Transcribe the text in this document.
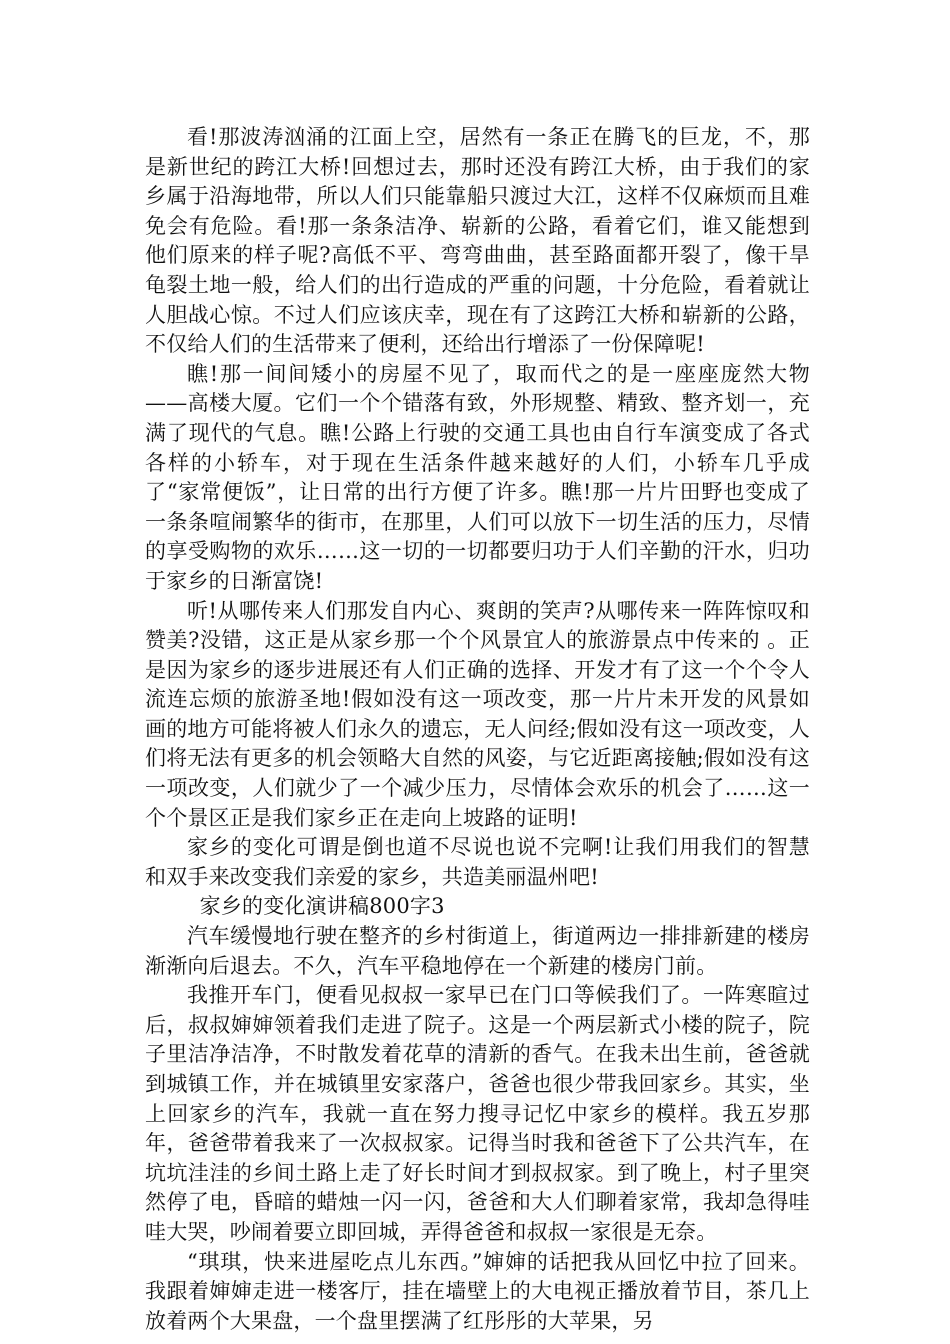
看!那波涛汹涌的江面上空，居然有一条正在腾飞的巨龙，不，那是新世纪的跨江大桥!回想过去，那时还没有跨江大桥，由于我们的家乡属于沿海地带，所以人们只能靠船只渡过大江，这样不仅麻烦而且难免会有危险。看!那一条条洁净、崭新的公路，看着它们，谁又能想到他们原来的样子呢?高低不平、弯弯曲曲，甚至路面都开裂了，像干旱龟裂土地一般，给人们的出行造成的严重的问题，十分危险，看着就让人胆战心惊。不过人们应该庆幸，现在有了这跨江大桥和崭新的公路，不仅给人们的生活带来了便利，还给出行增添了一份保障呢!

瞧!那一间间矮小的房屋不见了，取而代之的是一座座庞然大物——高楼大厦。它们一个个错落有致，外形规整、精致、整齐划一，充满了现代的气息。瞧!公路上行驶的交通工具也由自行车演变成了各式各样的小轿车，对于现在生活条件越来越好的人们，小轿车几乎成了“家常便饭”，让日常的出行方便了许多。瞧!那一片片田野也变成了一条条喧闹繁华的街市，在那里，人们可以放下一切生活的压力，尽情的享受购物的欢乐……这一切的一切都要归功于人们辛勤的汗水，归功于家乡的日渐富饶!

听!从哪传来人们那发自内心、爽朗的笑声?从哪传来一阵阵惊叹和赞美?没错，这正是从家乡那一个个风景宜人的旅游景点中传来的 。正是因为家乡的逐步进展还有人们正确的选择、开发才有了这一个个令人流连忘烦的旅游圣地!假如没有这一项改变，那一片片未开发的风景如画的地方可能将被人们永久的遗忘，无人问经;假如没有这一项改变，人们将无法有更多的机会领略大自然的风姿，与它近距离接触;假如没有这一项改变，人们就少了一个减少压力，尽情体会欢乐的机会了……这一个个景区正是我们家乡正在走向上坡路的证明!

家乡的变化可谓是倒也道不尽说也说不完啊!让我们用我们的智慧和双手来改变我们亲爱的家乡，共造美丽温州吧!

家乡的变化演讲稿800字3

汽车缓慢地行驶在整齐的乡村街道上，街道两边一排排新建的楼房渐渐向后退去。不久，汽车平稳地停在一个新建的楼房门前。

我推开车门，便看见叔叔一家早已在门口等候我们了。一阵寒暄过后，叔叔婶婶领着我们走进了院子。这是一个两层新式小楼的院子，院子里洁净洁净，不时散发着花草的清新的香气。在我未出生前，爸爸就到城镇工作，并在城镇里安家落户，爸爸也很少带我回家乡。其实，坐上回家乡的汽车，我就一直在努力搜寻记忆中家乡的模样。我五岁那年，爸爸带着我来了一次叔叔家。记得当时我和爸爸下了公共汽车，在坑坑洼洼的乡间土路上走了好长时间才到叔叔家。到了晚上，村子里突然停了电，昏暗的蜡烛一闪一闪，爸爸和大人们聊着家常，我却急得哇哇大哭，吵闹着要立即回城，弄得爸爸和叔叔一家很是无奈。

“琪琪，快来进屋吃点儿东西。”婶婶的话把我从回忆中拉了回来。我跟着婶婶走进一楼客厅，挂在墙壁上的大电视正播放着节目，茶几上放着两个大果盘，一个盘里摆满了红彤彤的大苹果，另
